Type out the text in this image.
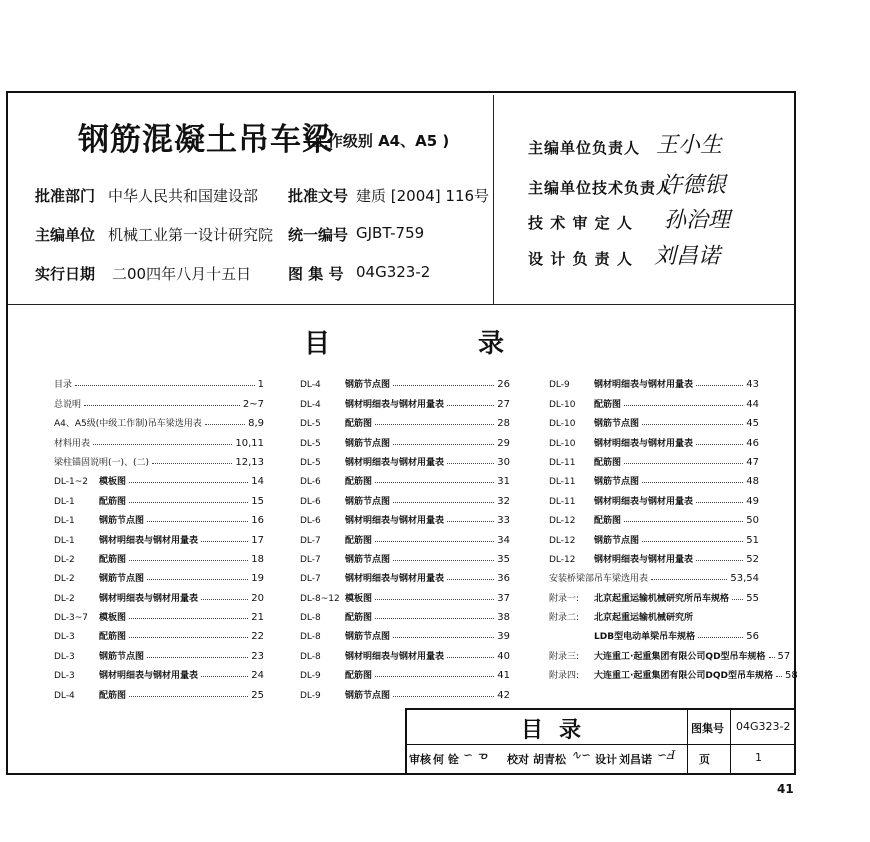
钢筋混凝土吊车梁
(工作级别 A4、A5 )
批准部门 中华人民共和国建设部 批准文号 建质 [2004] 116号
主编单位 机械工业第一设计研究院 统一编号 GJBT-759
实行日期 二00四年八月十五日 图 集 号 04G323-2
主编单位负责人 王小生
主编单位技术负责人
许德银
技 术 审 定 人 孙治理
设 计 负 责 人 刘昌诺
目	录
目录	1
总说明	2~7
A4、A5级(中级工作制)吊车梁选用表	8,9
材料用表	10,11
梁柱锚固说明(一)、(二)	12,13
DL-1~2	模板图	14
DL-1	配筋图	15
DL-1	钢筋节点图	16
DL-1	钢材明细表与钢材用量表	17
DL-2	配筋图	18
DL-2	钢筋节点图	19
DL-2	钢材明细表与钢材用量表	20
DL-3~7	模板图	21
DL-3	配筋图	22
DL-3	钢筋节点图	23
DL-3	钢材明细表与钢材用量表	24
DL-4	配筋图	25
DL-4	钢筋节点图	26
DL-4	钢材明细表与钢材用量表	27
DL-5	配筋图	28
DL-5	钢筋节点图	29
DL-5	钢材明细表与钢材用量表	30
DL-6	配筋图	31
DL-6	钢筋节点图	32
DL-6	钢材明细表与钢材用量表	33
DL-7	配筋图	34
DL-7	钢筋节点图	35
DL-7	钢材明细表与钢材用量表	36
DL-8~12 模板图	37
DL-8	配筋图	38
DL-8	钢筋节点图	39
DL-8	钢材明细表与钢材用量表	40
DL-9	配筋图	41
DL-9	钢筋节点图	42
DL-9	钢材明细表与钢材用量表	43
DL-10	配筋图	44
DL-10	钢筋节点图	45
DL-10	钢材明细表与钢材用量表	46
DL-11	配筋图	47
DL-11	钢筋节点图	48
DL-11	钢材明细表与钢材用量表	49
DL-12	配筋图	50
DL-12	钢筋节点图	51
DL-12	钢材明细表与钢材用量表	52
安装桥梁部吊车梁选用表	53,54
附录一:	北京起重运输机械研究所吊车规格 55
附录二:	北京起重运输机械研究所
LDB型电动单梁吊车规格	56
附录三:	大连重工·起重集团有限公司QD型吊车规格 57
附录四:	大连重工·起重集团有限公司DQD型吊车规格 58
目 录	图集号 04G323-2
审核 何 铨 ∽ ᓀ 校对 胡青松 ∿∽ 设计 刘昌诺 ∽Ⅎ 页	1
41
